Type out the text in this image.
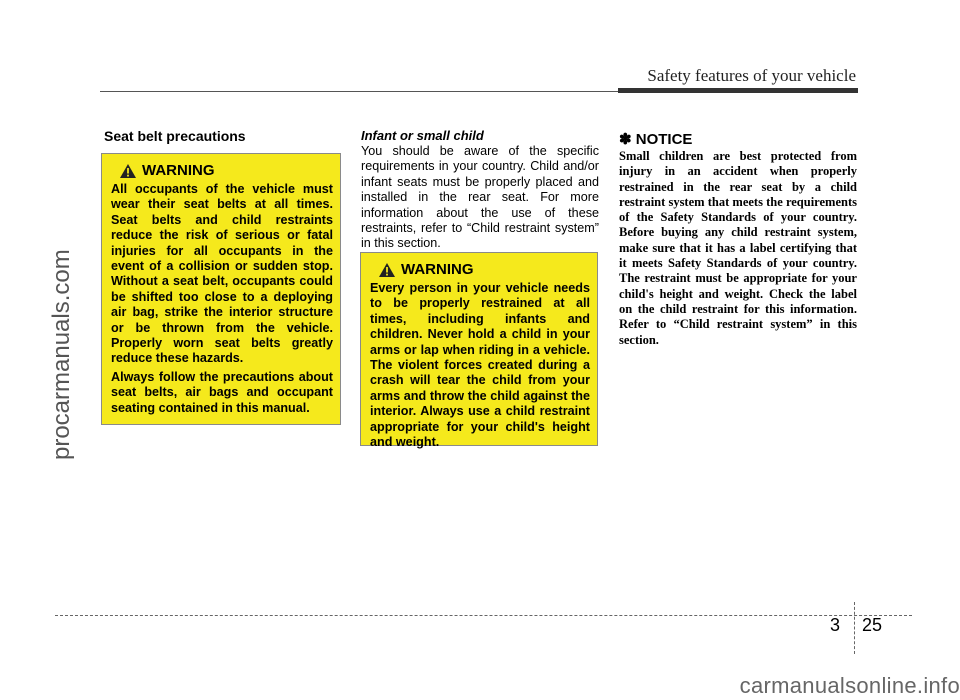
Safety features of your vehicle
procarmanuals.com
Seat belt precautions
WARNING

All occupants of the vehicle must wear their seat belts at all times. Seat belts and child restraints reduce the risk of serious or fatal injuries for all occupants in the event of a collision or sudden stop. Without a seat belt, occupants could be shifted too close to a deploying air bag, strike the interior structure or be thrown from the vehicle. Properly worn seat belts greatly reduce these hazards.

Always follow the precautions about seat belts, air bags and occupant seating contained in this manual.

Infant or small child

You should be aware of the specific requirements in your country. Child and/or infant seats must be properly placed and installed in the rear seat. For more information about the use of these restraints, refer to “Child restraint system” in this section.

WARNING

Every person in your vehicle needs to be properly restrained at all times, including infants and children. Never hold a child in your arms or lap when riding in a vehicle. The violent forces created during a crash will tear the child from your arms and throw the child against the interior. Always use a child restraint appropriate for your child's height and weight.

✽ NOTICE

Small children are best protected from injury in an accident when properly restrained in the rear seat by a child restraint system that meets the requirements of the Safety Standards of your country. Before buying any child restraint system, make sure that it has a label certifying that it meets Safety Standards of your country. The restraint must be appropriate for your child's height and weight. Check the label on the child restraint for this information. Refer to “Child restraint system” in this section.

3 25
carmanualsonline.info
